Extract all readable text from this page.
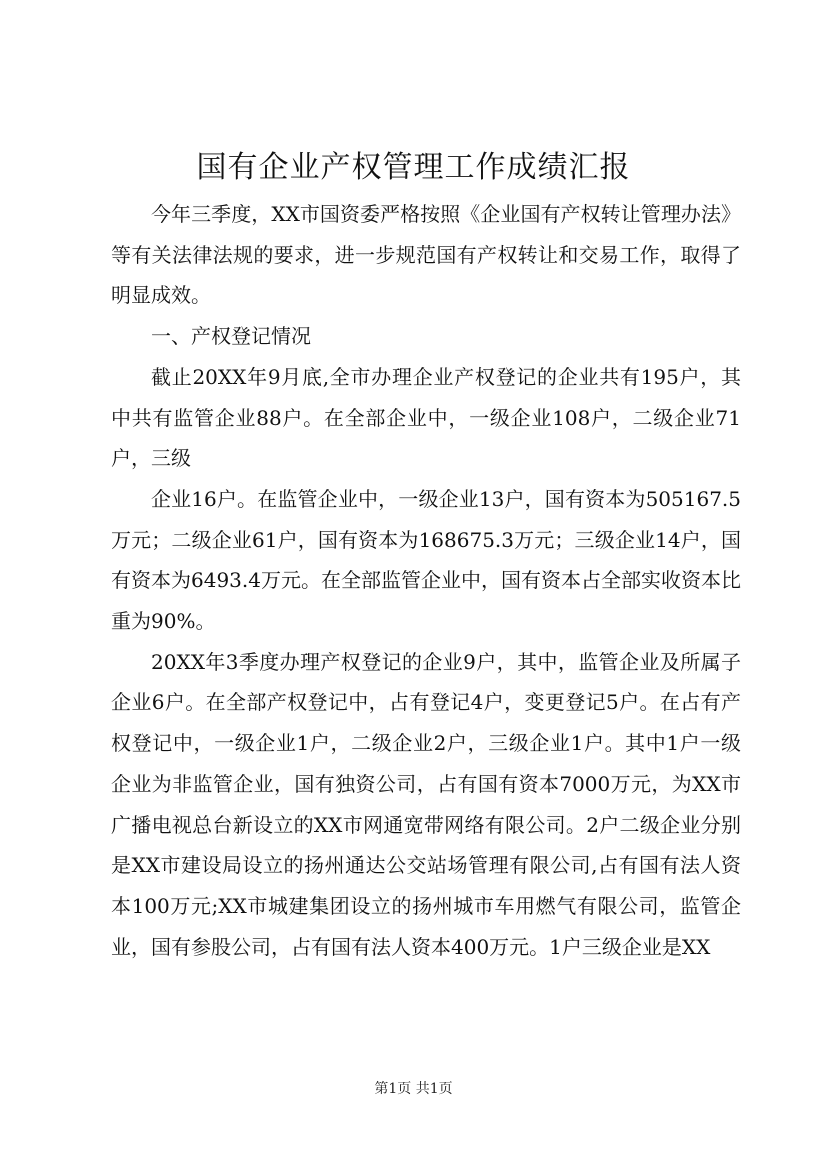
国有企业产权管理工作成绩汇报

今年三季度，XX市国资委严格按照《企业国有产权转让管理办法》等有关法律法规的要求，进一步规范国有产权转让和交易工作，取得了明显成效。

一、产权登记情况

截止20XX年9月底,全市办理企业产权登记的企业共有195户，其中共有监管企业88户。在全部企业中，一级企业108户，二级企业71户，三级

企业16户。在监管企业中，一级企业13户，国有资本为505167.5万元；二级企业61户，国有资本为168675.3万元；三级企业14户，国有资本为6493.4万元。在全部监管企业中，国有资本占全部实收资本比重为90%。

20XX年3季度办理产权登记的企业9户，其中，监管企业及所属子企业6户。在全部产权登记中，占有登记4户，变更登记5户。在占有产权登记中，一级企业1户，二级企业2户，三级企业1户。其中1户一级企业为非监管企业，国有独资公司，占有国有资本7000万元，为XX市广播电视总台新设立的XX市网通宽带网络有限公司。2户二级企业分别是XX市建设局设立的扬州通达公交站场管理有限公司,占有国有法人资本100万元;XX市城建集团设立的扬州城市车用燃气有限公司，监管企业，国有参股公司，占有国有法人资本400万元。1户三级企业是XX

第1页 共1页
